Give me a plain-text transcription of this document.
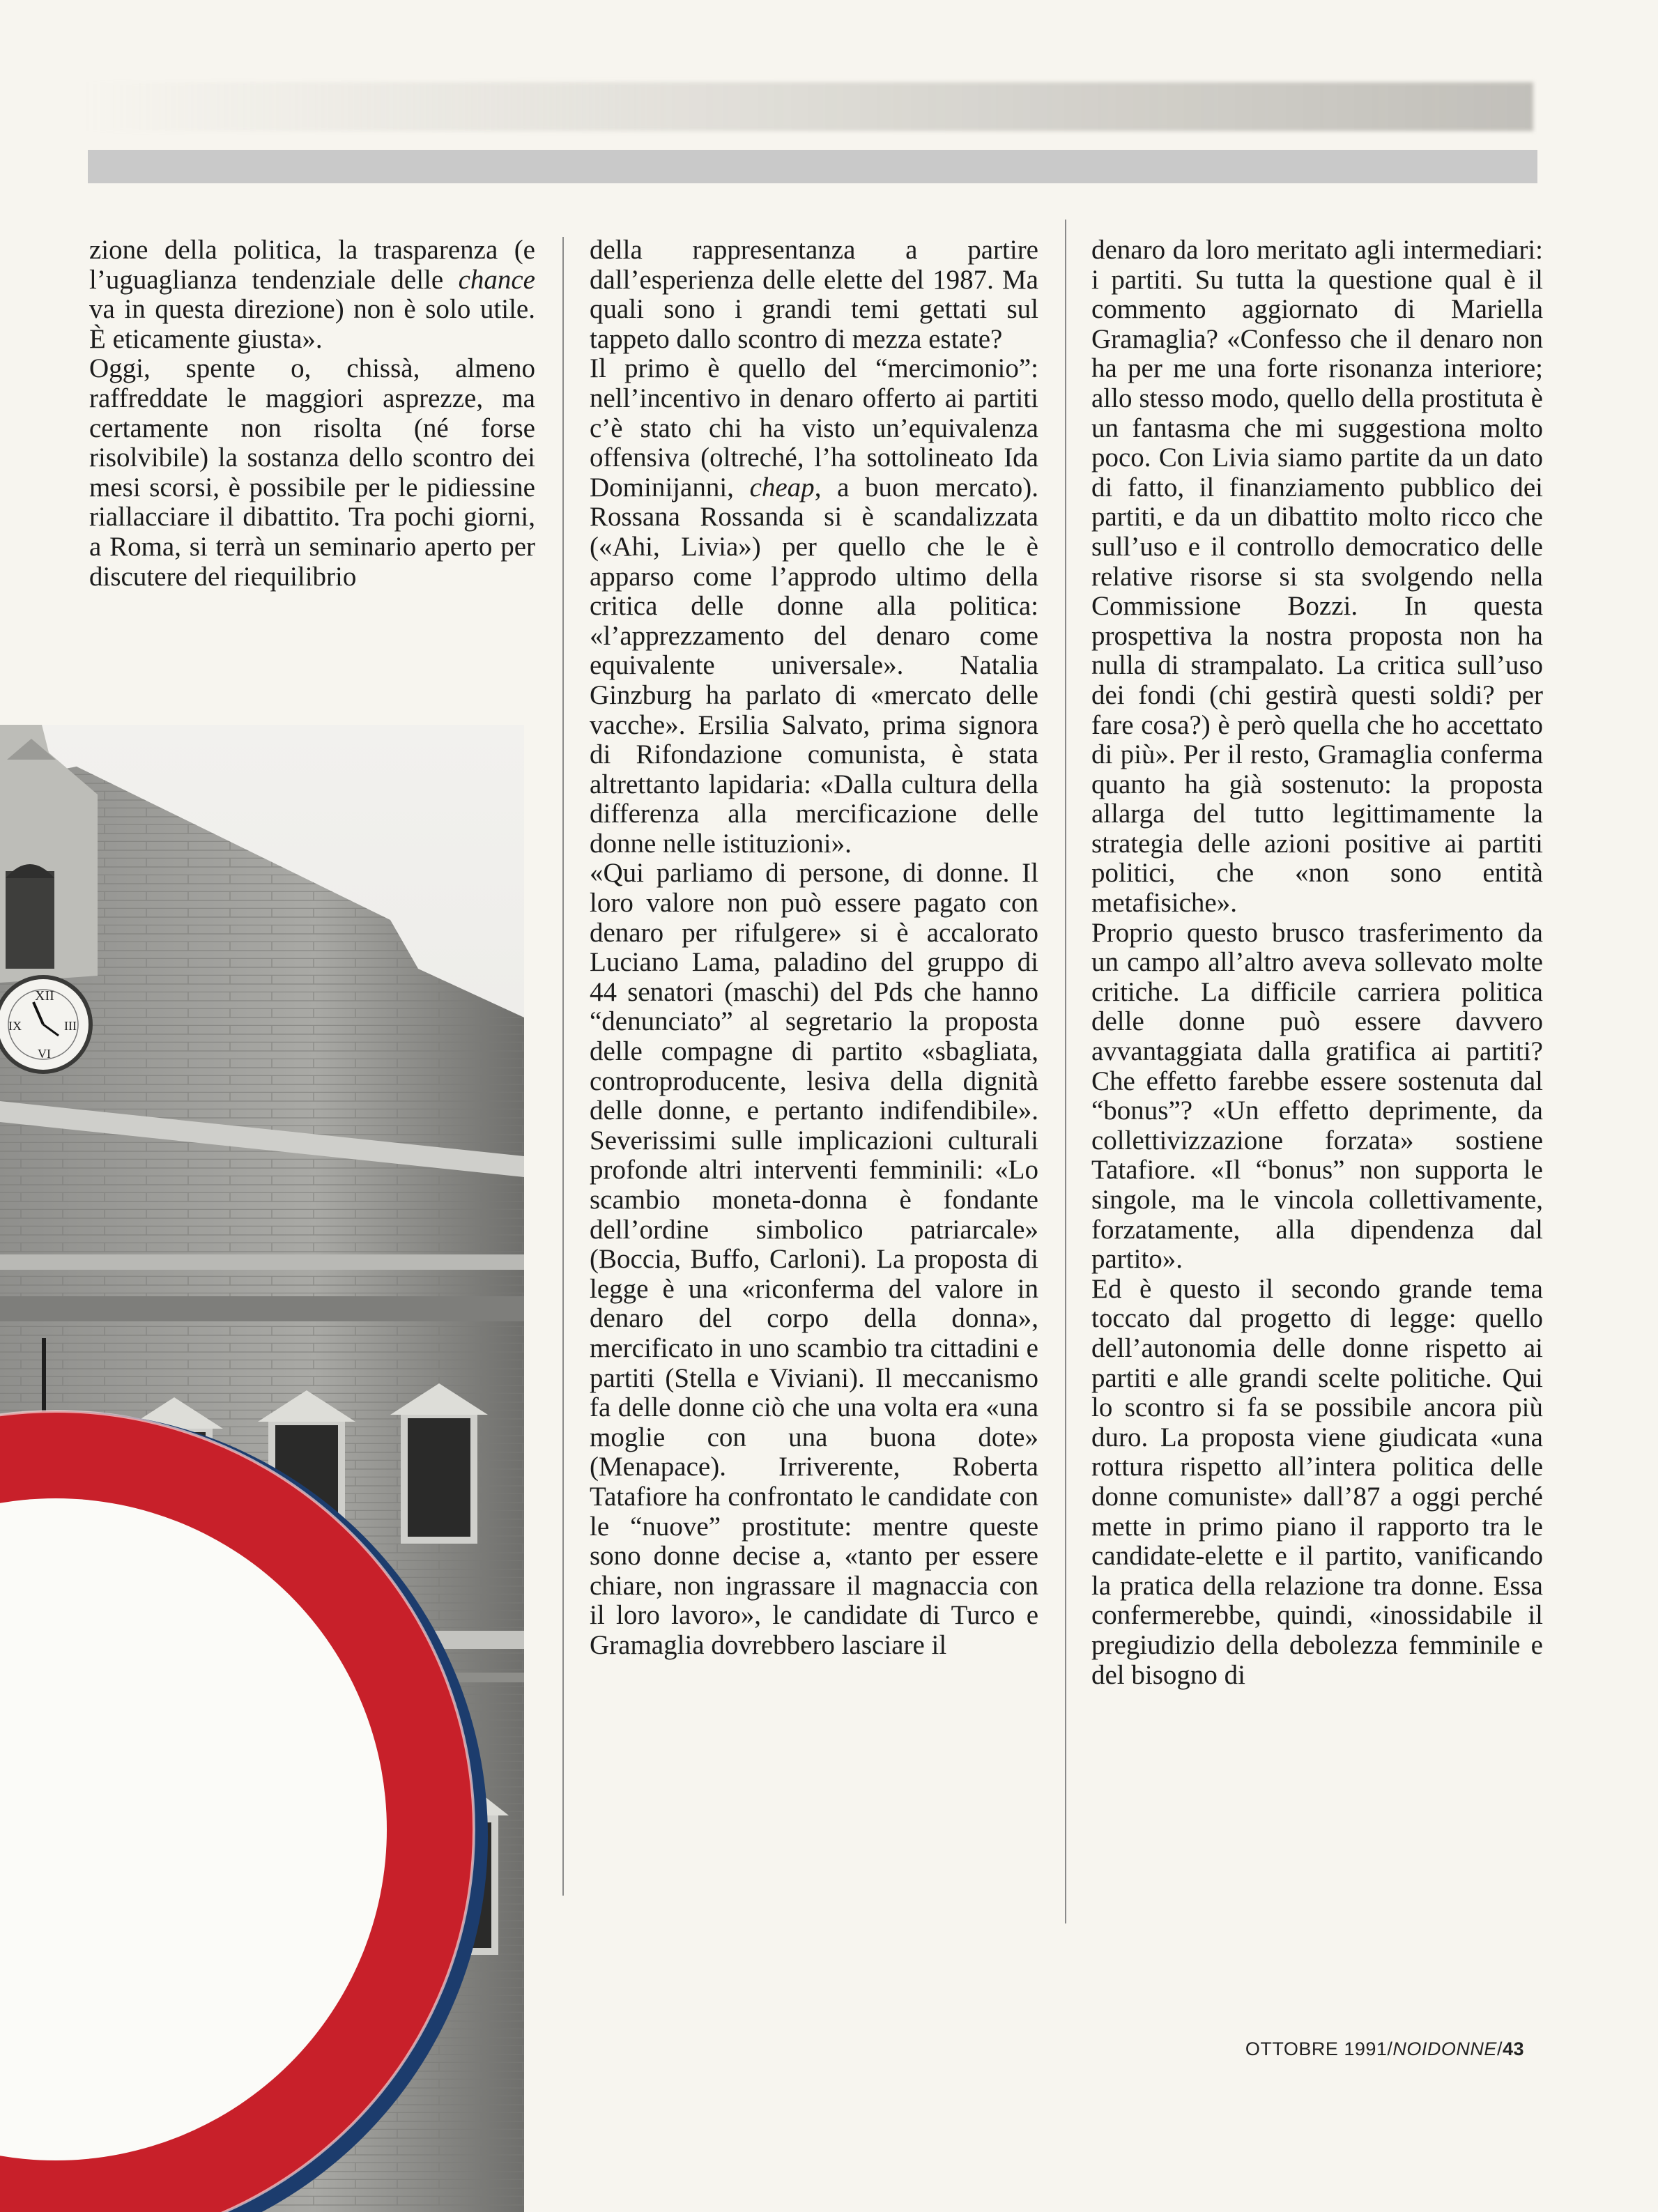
zione della politica, la trasparenza (e l’uguaglianza tendenziale delle chance va in questa direzione) non è solo utile. È eticamente giusta».

Oggi, spente o, chissà, almeno raffreddate le maggiori asprezze, ma certamente non risolta (né forse risolvibile) la sostanza dello scontro dei mesi scorsi, è possibile per le pidiessine riallacciare il dibattito. Tra pochi giorni, a Roma, si terrà un seminario aperto per discutere del riequilibrio

XII
III
VI
IX

della rappresentanza a partire dall’esperienza delle elette del 1987. Ma quali sono i grandi temi gettati sul tappeto dallo scontro di mezza estate?

Il primo è quello del “mercimonio”: nell’incentivo in denaro offerto ai partiti c’è stato chi ha visto un’equivalenza offensiva (oltreché, l’ha sottolineato Ida Dominijanni, cheap, a buon mercato). Rossana Rossanda si è scandalizzata («Ahi, Livia») per quello che le è apparso come l’approdo ultimo della critica delle donne alla politica: «l’apprezzamento del denaro come equivalente universale». Natalia Ginzburg ha parlato di «mercato delle vacche». Ersilia Salvato, prima signora di Rifondazione comunista, è stata altrettanto lapidaria: «Dalla cultura della differenza alla mercificazione delle donne nelle istituzioni».

«Qui parliamo di persone, di donne. Il loro valore non può essere pagato con denaro per rifulgere» si è accalorato Luciano Lama, paladino del gruppo di 44 senatori (maschi) del Pds che hanno “denunciato” al segretario la proposta delle compagne di partito «sbagliata, controproducente, lesiva della dignità delle donne, e pertanto indifendibile». Severissimi sulle implicazioni culturali profonde altri interventi femminili: «Lo scambio moneta-donna è fondante dell’ordine simbolico patriarcale» (Boccia, Buffo, Carloni). La proposta di legge è una «riconferma del valore in denaro del corpo della donna», mercificato in uno scambio tra cittadini e partiti (Stella e Viviani). Il meccanismo fa delle donne ciò che una volta era «una moglie con una buona dote» (Menapace). Irriverente, Roberta Tatafiore ha confrontato le candidate con le “nuove” prostitute: mentre queste sono donne decise a, «tanto per essere chiare, non ingrassare il magnaccia con il loro lavoro», le candidate di Turco e Gramaglia dovrebbero lasciare il

denaro da loro meritato agli intermediari: i partiti. Su tutta la questione qual è il commento aggiornato di Mariella Gramaglia? «Confesso che il denaro non ha per me una forte risonanza interiore; allo stesso modo, quello della prostituta è un fantasma che mi suggestiona molto poco. Con Livia siamo partite da un dato di fatto, il finanziamento pubblico dei partiti, e da un dibattito molto ricco che sull’uso e il controllo democratico delle relative risorse si sta svolgendo nella Commissione Bozzi. In questa prospettiva la nostra proposta non ha nulla di strampalato. La critica sull’uso dei fondi (chi gestirà questi soldi? per fare cosa?) è però quella che ho accettato di più». Per il resto, Gramaglia conferma quanto ha già sostenuto: la proposta allarga del tutto legittimamente la strategia delle azioni positive ai partiti politici, che «non sono entità metafisiche».

Proprio questo brusco trasferimento da un campo all’altro aveva sollevato molte critiche. La difficile carriera politica delle donne può essere davvero avvantaggiata dalla gratifica ai partiti? Che effetto farebbe essere sostenuta dal “bonus”? «Un effetto deprimente, da collettivizzazione forzata» sostiene Tatafiore. «Il “bonus” non supporta le singole, ma le vincola collettivamente, forzatamente, alla dipendenza dal partito».

Ed è questo il secondo grande tema toccato dal progetto di legge: quello dell’autonomia delle donne rispetto ai partiti e alle grandi scelte politiche. Qui lo scontro si fa se possibile ancora più duro. La proposta viene giudicata «una rottura rispetto all’intera politica delle donne comuniste» dall’87 a oggi perché mette in primo piano il rapporto tra le candidate-elette e il partito, vanificando la pratica della relazione tra donne. Essa confermerebbe, quindi, «inossidabile il pregiudizio della debolezza femminile e del bisogno di

OTTOBRE 1991/NOIDONNE/43
